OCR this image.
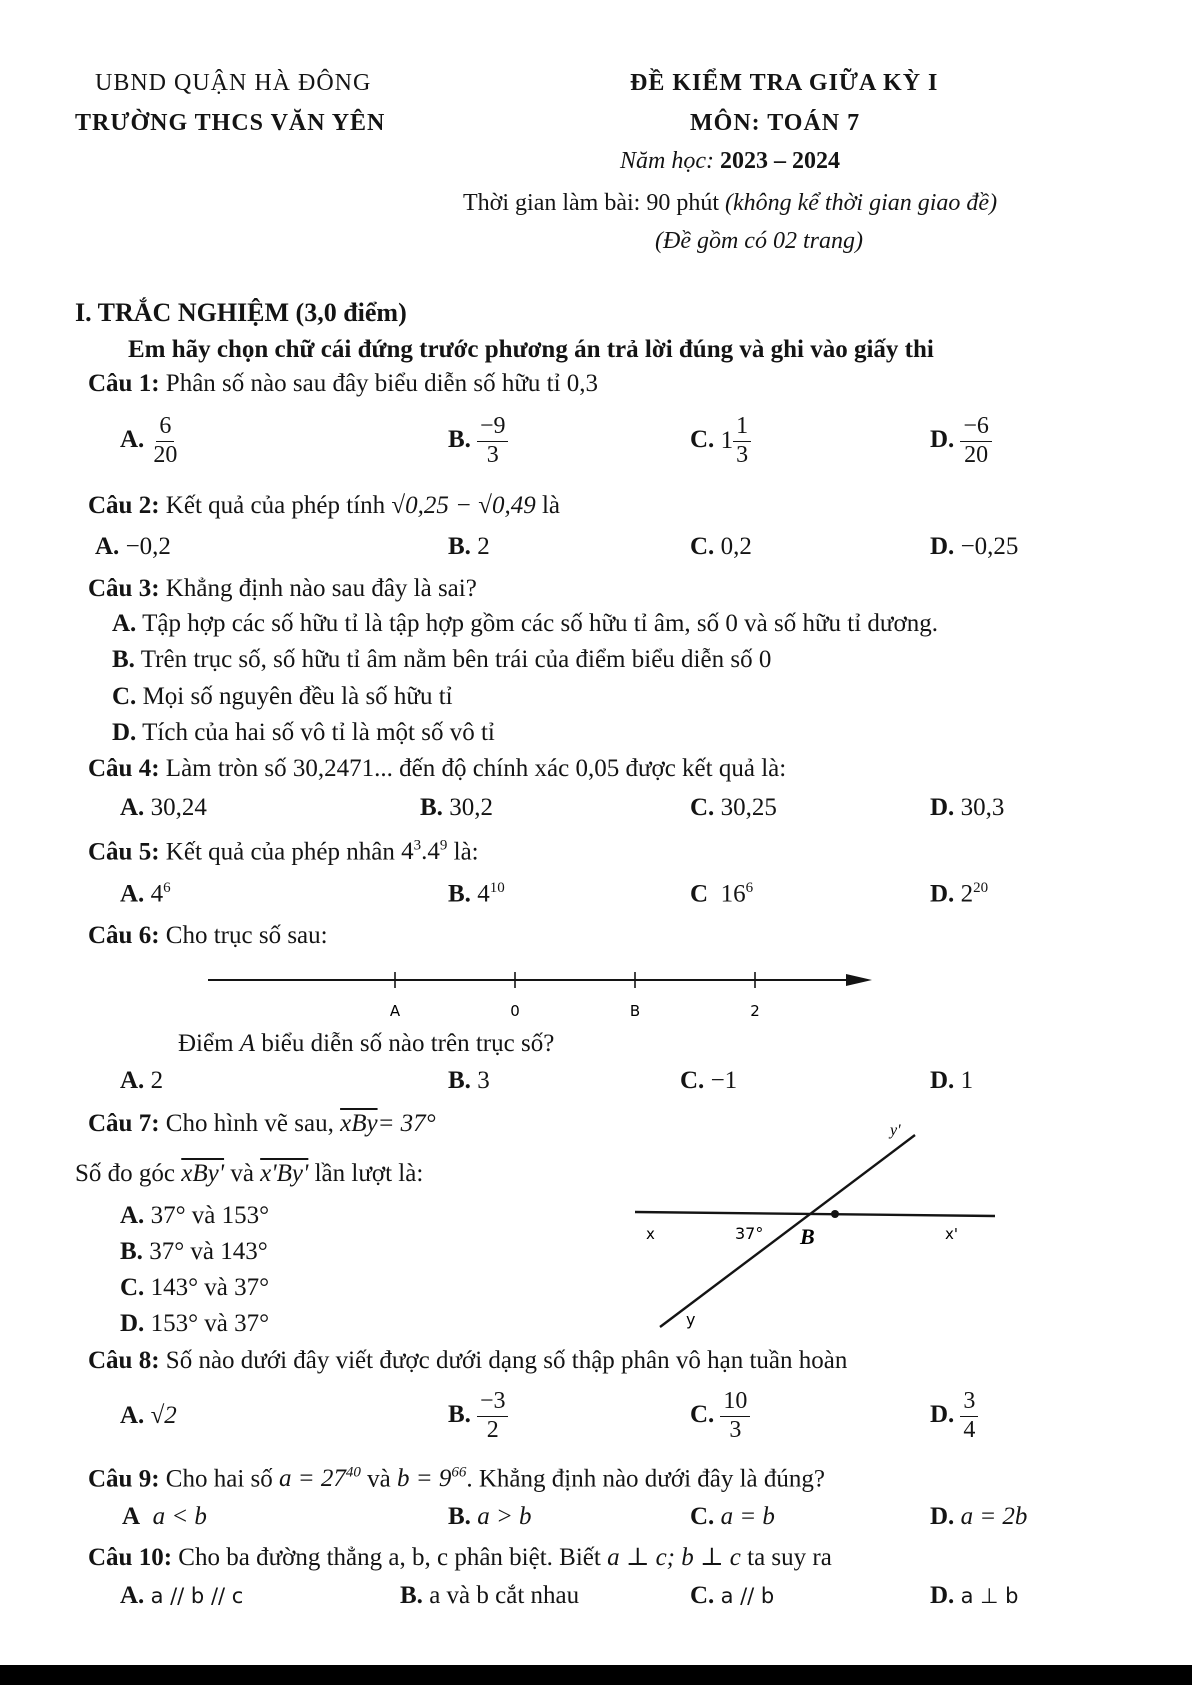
UBND QUẬN HÀ ĐÔNG
TRƯỜNG THCS VĂN YÊN
ĐỀ KIỂM TRA GIỮA KỲ I
MÔN: TOÁN 7
Năm học: 2023 – 2024
Thời gian làm bài: 90 phút (không kể thời gian giao đề)
(Đề gồm có 02 trang)
I. TRẮC NGHIỆM (3,0 điểm)
Em hãy chọn chữ cái đứng trước phương án trả lời đúng và ghi vào giấy thi
Câu 1: Phân số nào sau đây biểu diễn số hữu tỉ 0,3
A. $\frac{6}{20}$	B. $\frac{-9}{3}$	C. $1 \frac{1}{3}$	D. $\frac{-6}{20}$
Câu 2: Kết quả của phép tính √0,25 − √0,49 là
A. −0,2	B. 2	C. 0,2	D. −0,25
Câu 3: Khẳng định nào sau đây là sai?
A. Tập hợp các số hữu tỉ là tập hợp gồm các số hữu tỉ âm, số 0 và số hữu tỉ dương.
B. Trên trục số, số hữu tỉ âm nằm bên trái của điểm biểu diễn số 0
C. Mọi số nguyên đều là số hữu tỉ
D. Tích của hai số vô tỉ là một số vô tỉ
Câu 4: Làm tròn số 30,2471... đến độ chính xác 0,05 được kết quả là:
A. 30,24	B. 30,2	C. 30,25	D. 30,3
Câu 5: Kết quả của phép nhân $4^3.4^9$ là:
A. $4^6$	B. $4^{10}$	C $16^6$	D. $2^{20}$
Câu 6: Cho trục số sau:
A	0	B	2
Điểm A biểu diễn số nào trên trục số?
A. 2	B. 3	C. −1	D. 1
Câu 7: Cho hình vẽ sau, $\overline{xBy}= 37^\circ$
Số đo góc xBy' và x'By' lần lượt là:
A. 37° và 153°
B. 37° và 143°
C. 143° và 37°
D. 153° và 37°
y'
x	37° B	x'
y
Câu 8: Số nào dưới đây viết được dưới dạng số thập phân vô hạn tuần hoàn
A. √2	B. $\frac{-3}{2}$	C. $\frac{10}{3}$	D. $\frac{3}{4}$
Câu 9: Cho hai số $a = 27^{40}$ và $b = 9^{66}$. Khẳng định nào dưới đây là đúng?
A a < b	B. a > b	C. a = b	D. a = 2b
Câu 10: Cho ba đường thẳng a, b, c phân biệt. Biết a ⊥ c; b ⊥ c ta suy ra
A. a // b // c	B. a và b cắt nhau	C. a // b	D. a ⊥ b
